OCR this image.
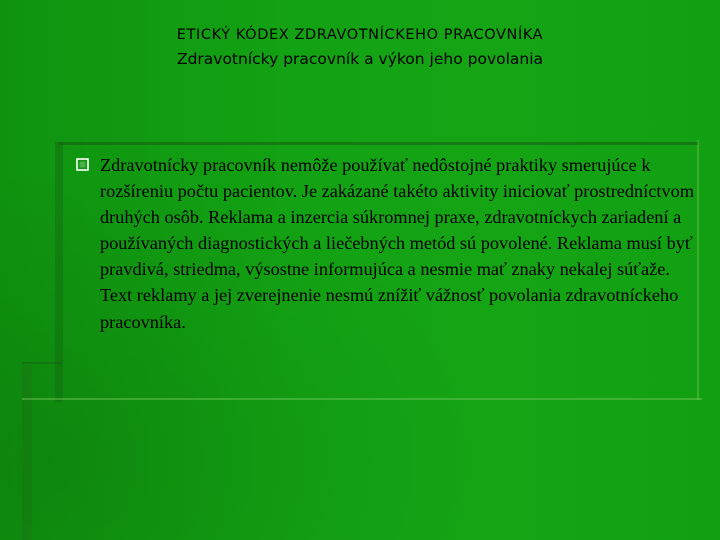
ETICKÝ KÓDEX ZDRAVOTNÍCKEHO PRACOVNÍKA
Zdravotnícky pracovník a výkon jeho povolania
Zdravotnícky pracovník nemôže používať nedôstojné praktiky smerujúce k rozšíreniu počtu pacientov. Je zakázané takéto aktivity iniciovať prostredníctvom druhých osôb. Reklama a inzercia súkromnej praxe, zdravotníckych zariadení a používaných diagnostických a liečebných metód sú povolené. Reklama musí byť pravdivá, striedma, výsostne informujúca a nesmie mať znaky nekalej súťaže. Text reklamy a jej zverejnenie nesmú znížiť vážnosť povolania zdravotníckeho pracovníka.
